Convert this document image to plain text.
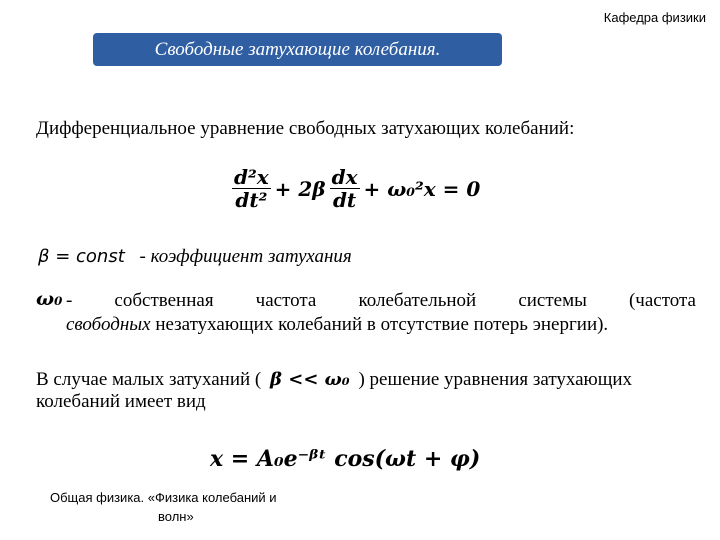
Кафедра физики
Свободные затухающие колебания.
Дифференциальное уравнение свободных затухающих колебаний:
$\frac{\text{d²x}}{\text{dt²}} + 2\beta \frac{dx}{dt} + \omega_0^2x = 0$
β = const - коэффициент затухания
ω₀ - собственная частота колебательной системы (частота
свободных незатухающих колебаний в отсутствие потерь энергии).
В случае малых затуханий ( β << ω₀ ) решение уравнения затухающих
колебаний имеет вид
x = A₀e⁻ᵝᵗ cos(ωt + φ)
Общая физика. «Физика колебаний и
волн»
